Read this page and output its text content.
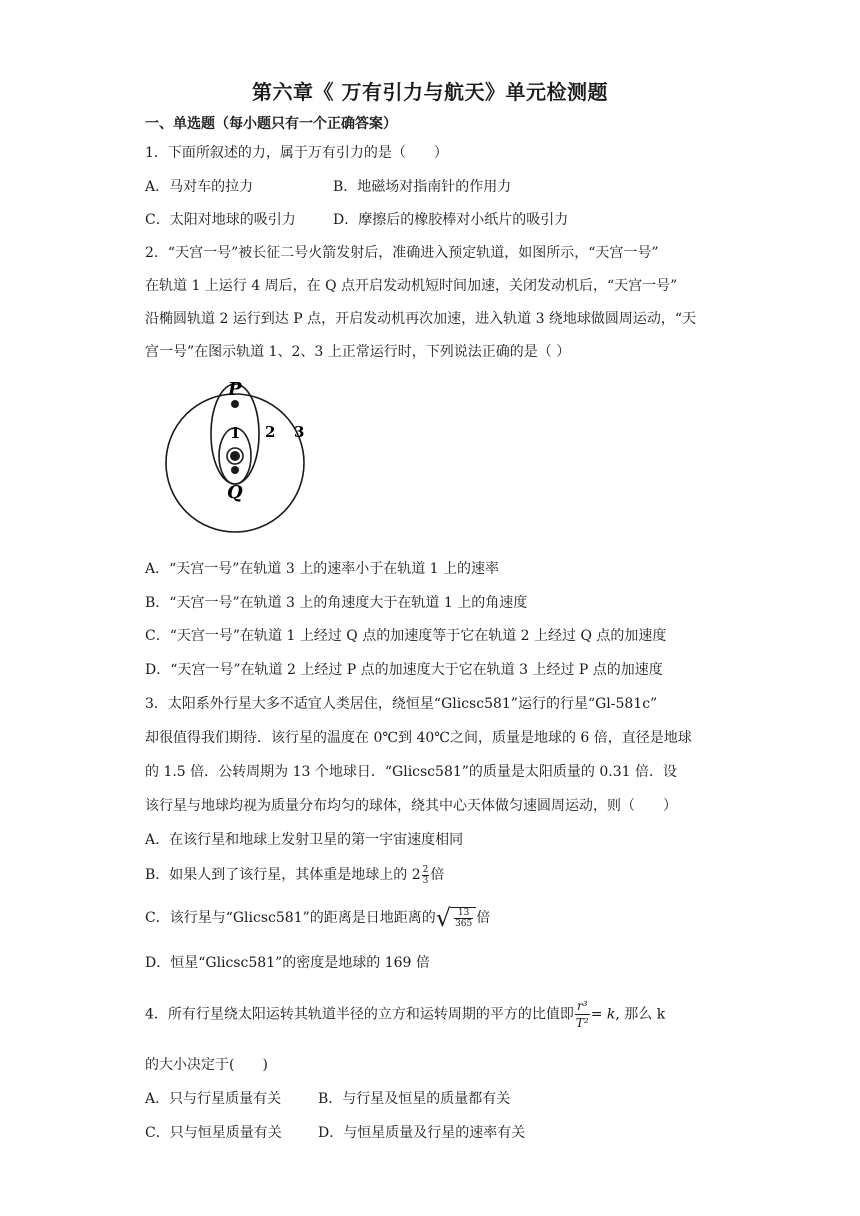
第六章《 万有引力与航天》单元检测题
一、单选题（每小题只有一个正确答案）
1．下面所叙述的力，属于万有引力的是（　　）
A．马对车的拉力	B．地磁场对指南针的作用力
C．太阳对地球的吸引力	D．摩擦后的橡胶棒对小纸片的吸引力
2．“天宫一号”被长征二号火箭发射后，准确进入预定轨道，如图所示，“天宫一号”
在轨道 1 上运行 4 周后，在 Q 点开启发动机短时间加速，关闭发动机后，“天宫一号”
沿椭圆轨道 2 运行到达 P 点，开启发动机再次加速，进入轨道 3 绕地球做圆周运动，“天
宫一号”在图示轨道 1、2、3 上正常运行时，下列说法正确的是（ ）
P
Q
1 2 3
A．“天宫一号”在轨道 3 上的速率小于在轨道 1 上的速率
B．“天宫一号”在轨道 3 上的角速度大于在轨道 1 上的角速度
C．“天宫一号”在轨道 1 上经过 Q 点的加速度等于它在轨道 2 上经过 Q 点的加速度
D．“天宫一号”在轨道 2 上经过 P 点的加速度大于它在轨道 3 上经过 P 点的加速度
3．太阳系外行星大多不适宜人类居住，绕恒星“Glicsc581”运行的行星“Gl-581c”
却很值得我们期待．该行星的温度在 0℃到 40℃之间，质量是地球的 6 倍，直径是地球
的 1.5 倍．公转周期为 13 个地球日．“Glicsc581”的质量是太阳质量的 0.31 倍．设
该行星与地球均视为质量分布均匀的球体，绕其中心天体做匀速圆周运动，则（　　）
A．在该行星和地球上发射卫星的第一宇宙速度相同
B．如果人到了该行星，其体重是地球上的 $2 \frac{2}{3}$ 倍
C．该行星与“Glicsc581”的距离是日地距离的 √ $\frac{13}{365}$ 倍
D．恒星“Glicsc581”的密度是地球的 169 倍
4．所有行星绕太阳运转其轨道半径的立方和运转周期的平方的比值即 $\frac{\text{r³}}{\text{T²}} = k$, 那么 k
的大小决定于(　　)
A．只与行星质量有关	B．与行星及恒星的质量都有关
C．只与恒星质量有关	D．与恒星质量及行星的速率有关
